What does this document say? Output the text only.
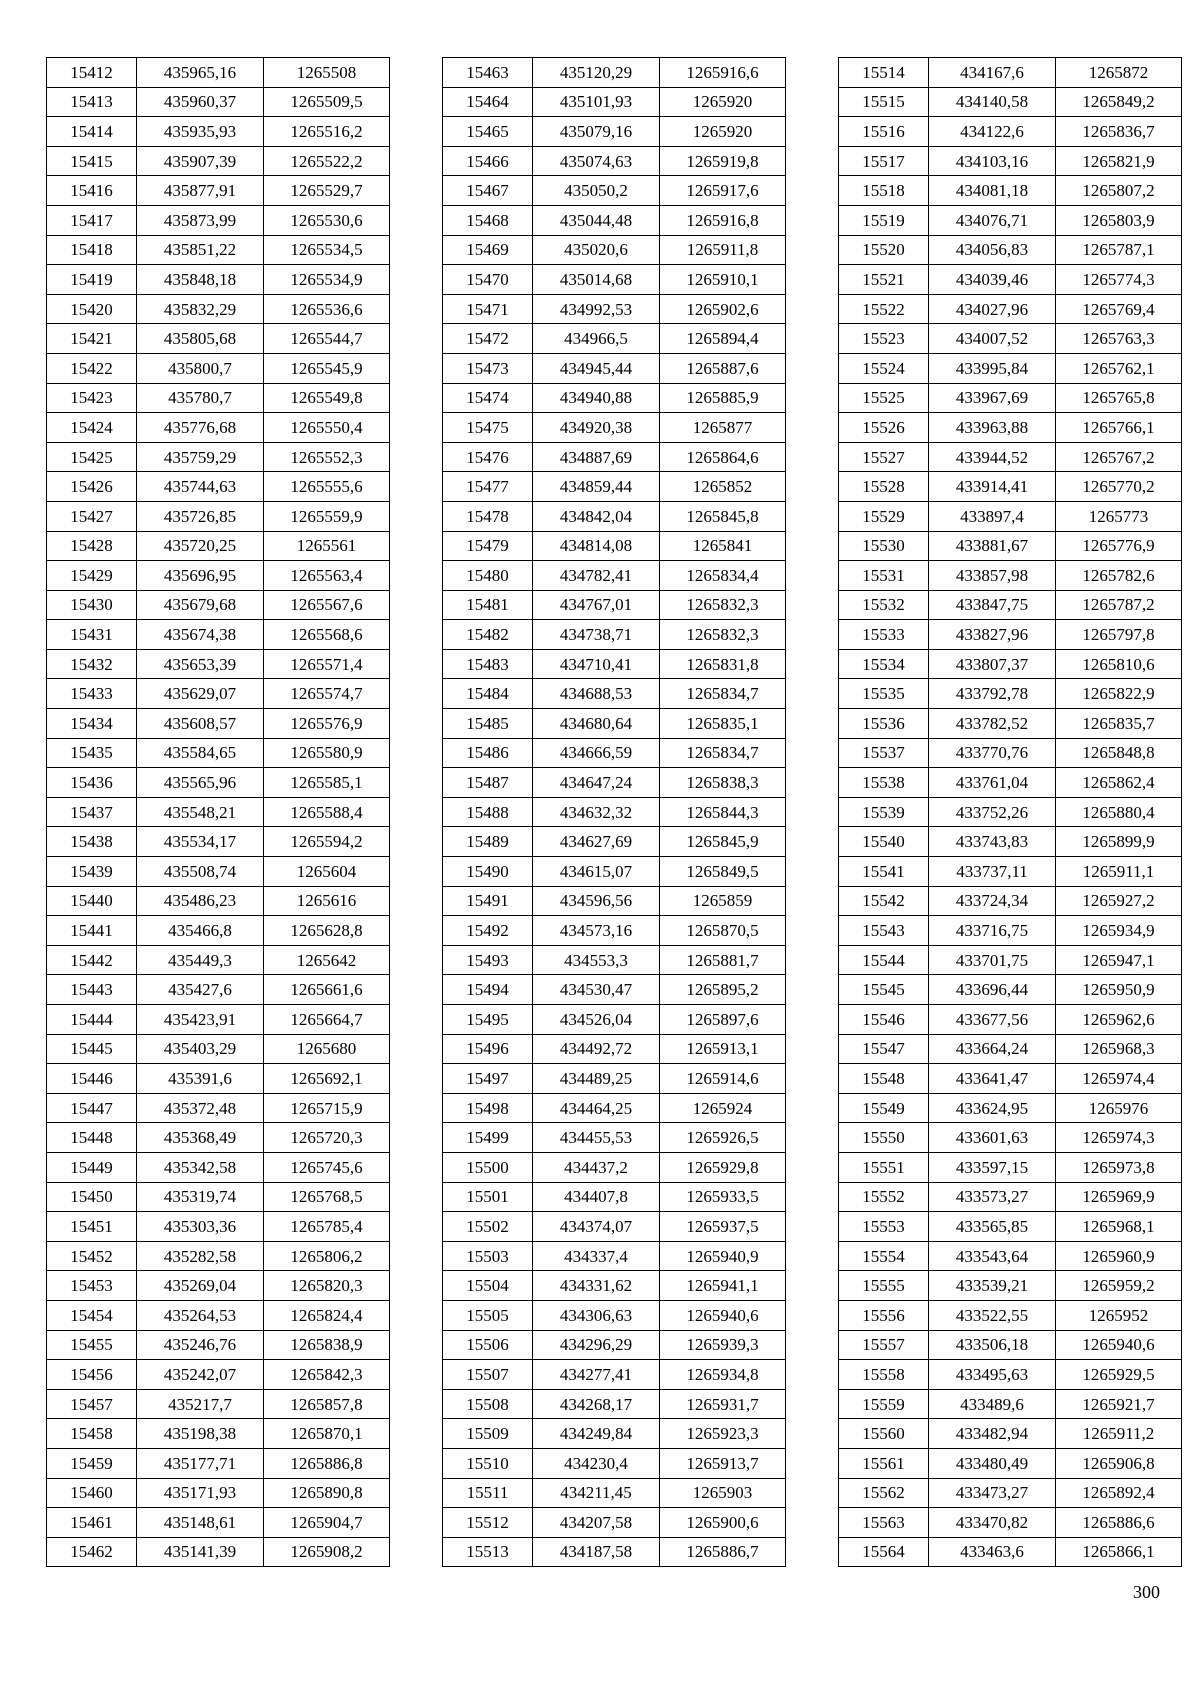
15412	435965,16	1265508
15413	435960,37	1265509,5
15414	435935,93	1265516,2
15415	435907,39	1265522,2
15416	435877,91	1265529,7
15417	435873,99	1265530,6
15418	435851,22	1265534,5
15419	435848,18	1265534,9
15420	435832,29	1265536,6
15421	435805,68	1265544,7
15422	435800,7	1265545,9
15423	435780,7	1265549,8
15424	435776,68	1265550,4
15425	435759,29	1265552,3
15426	435744,63	1265555,6
15427	435726,85	1265559,9
15428	435720,25	1265561
15429	435696,95	1265563,4
15430	435679,68	1265567,6
15431	435674,38	1265568,6
15432	435653,39	1265571,4
15433	435629,07	1265574,7
15434	435608,57	1265576,9
15435	435584,65	1265580,9
15436	435565,96	1265585,1
15437	435548,21	1265588,4
15438	435534,17	1265594,2
15439	435508,74	1265604
15440	435486,23	1265616
15441	435466,8	1265628,8
15442	435449,3	1265642
15443	435427,6	1265661,6
15444	435423,91	1265664,7
15445	435403,29	1265680
15446	435391,6	1265692,1
15447	435372,48	1265715,9
15448	435368,49	1265720,3
15449	435342,58	1265745,6
15450	435319,74	1265768,5
15451	435303,36	1265785,4
15452	435282,58	1265806,2
15453	435269,04	1265820,3
15454	435264,53	1265824,4
15455	435246,76	1265838,9
15456	435242,07	1265842,3
15457	435217,7	1265857,8
15458	435198,38	1265870,1
15459	435177,71	1265886,8
15460	435171,93	1265890,8
15461	435148,61	1265904,7
15462	435141,39	1265908,2
15463	435120,29	1265916,6
15464	435101,93	1265920
15465	435079,16	1265920
15466	435074,63	1265919,8
15467	435050,2	1265917,6
15468	435044,48	1265916,8
15469	435020,6	1265911,8
15470	435014,68	1265910,1
15471	434992,53	1265902,6
15472	434966,5	1265894,4
15473	434945,44	1265887,6
15474	434940,88	1265885,9
15475	434920,38	1265877
15476	434887,69	1265864,6
15477	434859,44	1265852
15478	434842,04	1265845,8
15479	434814,08	1265841
15480	434782,41	1265834,4
15481	434767,01	1265832,3
15482	434738,71	1265832,3
15483	434710,41	1265831,8
15484	434688,53	1265834,7
15485	434680,64	1265835,1
15486	434666,59	1265834,7
15487	434647,24	1265838,3
15488	434632,32	1265844,3
15489	434627,69	1265845,9
15490	434615,07	1265849,5
15491	434596,56	1265859
15492	434573,16	1265870,5
15493	434553,3	1265881,7
15494	434530,47	1265895,2
15495	434526,04	1265897,6
15496	434492,72	1265913,1
15497	434489,25	1265914,6
15498	434464,25	1265924
15499	434455,53	1265926,5
15500	434437,2	1265929,8
15501	434407,8	1265933,5
15502	434374,07	1265937,5
15503	434337,4	1265940,9
15504	434331,62	1265941,1
15505	434306,63	1265940,6
15506	434296,29	1265939,3
15507	434277,41	1265934,8
15508	434268,17	1265931,7
15509	434249,84	1265923,3
15510	434230,4	1265913,7
15511	434211,45	1265903
15512	434207,58	1265900,6
15513	434187,58	1265886,7
15514	434167,6	1265872
15515	434140,58	1265849,2
15516	434122,6	1265836,7
15517	434103,16	1265821,9
15518	434081,18	1265807,2
15519	434076,71	1265803,9
15520	434056,83	1265787,1
15521	434039,46	1265774,3
15522	434027,96	1265769,4
15523	434007,52	1265763,3
15524	433995,84	1265762,1
15525	433967,69	1265765,8
15526	433963,88	1265766,1
15527	433944,52	1265767,2
15528	433914,41	1265770,2
15529	433897,4	1265773
15530	433881,67	1265776,9
15531	433857,98	1265782,6
15532	433847,75	1265787,2
15533	433827,96	1265797,8
15534	433807,37	1265810,6
15535	433792,78	1265822,9
15536	433782,52	1265835,7
15537	433770,76	1265848,8
15538	433761,04	1265862,4
15539	433752,26	1265880,4
15540	433743,83	1265899,9
15541	433737,11	1265911,1
15542	433724,34	1265927,2
15543	433716,75	1265934,9
15544	433701,75	1265947,1
15545	433696,44	1265950,9
15546	433677,56	1265962,6
15547	433664,24	1265968,3
15548	433641,47	1265974,4
15549	433624,95	1265976
15550	433601,63	1265974,3
15551	433597,15	1265973,8
15552	433573,27	1265969,9
15553	433565,85	1265968,1
15554	433543,64	1265960,9
15555	433539,21	1265959,2
15556	433522,55	1265952
15557	433506,18	1265940,6
15558	433495,63	1265929,5
15559	433489,6	1265921,7
15560	433482,94	1265911,2
15561	433480,49	1265906,8
15562	433473,27	1265892,4
15563	433470,82	1265886,6
15564	433463,6	1265866,1
300
